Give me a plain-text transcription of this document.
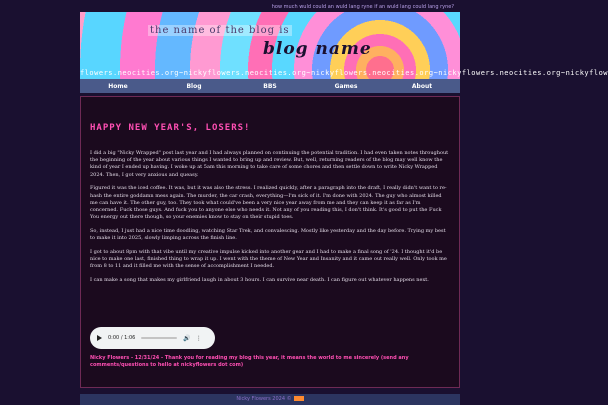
how much wuld could an wuld lang ryne if an wuld lang could lang ryne?
the name of the blog is
blog name
flowers.neocities.org~nickyflowers.neocities.org~nickyflowers.neocities.org~nickyflowers.neocities.org~nickyflow
Home	Blog	BBS	Games	About
HAPPY NEW YEAR'S, LOSERS!

I did a big "Nicky Wrapped" post last year and I had always planned on continuing the potential tradition. I had even taken notes throughout the beginning of the year about various things I wanted to bring up and review. But, well, returning readers of the blog may well know the kind of year I ended up having. I woke up at 5am this morning to take care of some chores and then settle down to write Nicky Wrapped 2024. Then, I got very anxious and queasy.

Figured it was the iced coffee. It was, but it was also the stress. I realized quickly, after a paragraph into the draft, I really didn't want to re-hash the entire goddamn mess again. The murder, the car crash, everything—I'm sick of it. I'm done with 2024. The guy who almost killed me can have it. The other guy, too. They took what could've been a very nice year away from me and they can keep it as far as I'm concerned. Fuck those guys. And fuck you to anyone else who needs it. Not any of you reading this, I don't think. It's good to put the Fuck You energy out there though, so your enemies know to stay on their stupid toes.

So, instead, I just had a nice time doodling, watching Star Trek, and convalescing. Mostly like yesterday and the day before. Trying my best to make it into 2025, slowly limping across the finish line.

I got to about 8pm with that vibe until my creative impulse kicked into another gear and I had to make a final song of '24. I thought it'd be nice to make one last, finished thing to wrap it up. I went with the theme of New Year and Insanity and it came out really well. Only took me from 8 to 11 and it filled me with the sense of accomplishment I needed.

I can make a song that makes my girlfriend laugh in about 3 hours. I can survive near death. I can figure out whatever happens next.

0:00 / 1:06	🔊 ⋮
Nicky Flowers - 12/31/24 - Thank you for reading my blog this year, it means the world to me sincerely (send any comments/questions to hello at nickyflowers dot com)
Nicky Flowers 2024 ©
